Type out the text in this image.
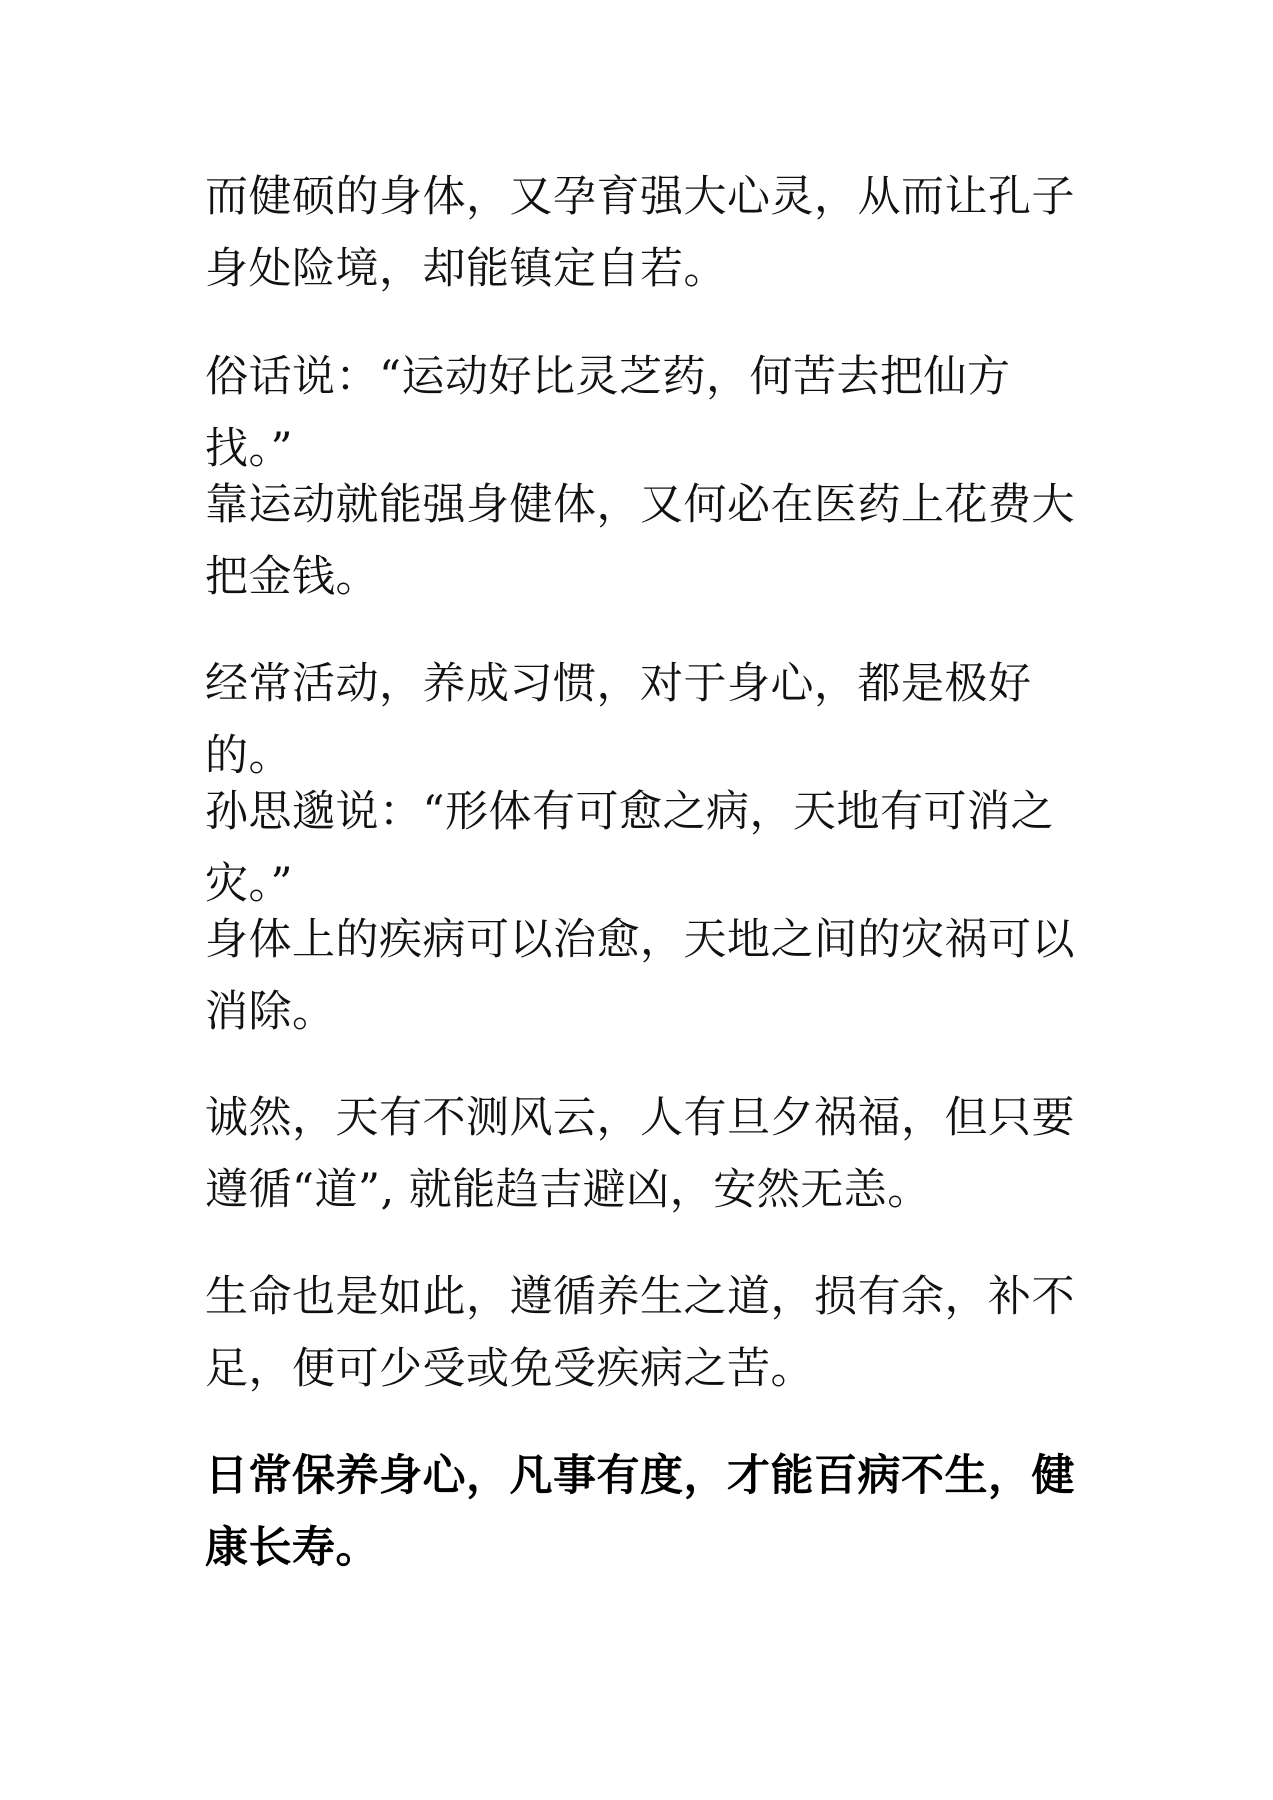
而健硕的身体，又孕育强大心灵，从而让孔子身处险境，却能镇定自若。

俗话说：“运动好比灵芝药，何苦去把仙方找。”

靠运动就能强身健体，又何必在医药上花费大把金钱。

经常活动，养成习惯，对于身心，都是极好的。

孙思邈说：“形体有可愈之病，天地有可消之灾。”

身体上的疾病可以治愈，天地之间的灾祸可以消除。

诚然，天有不测风云，人有旦夕祸福，但只要遵循“道”, 就能趋吉避凶，安然无恙。

生命也是如此，遵循养生之道，损有余，补不足，便可少受或免受疾病之苦。

日常保养身心，凡事有度，才能百病不生，健康长寿。
